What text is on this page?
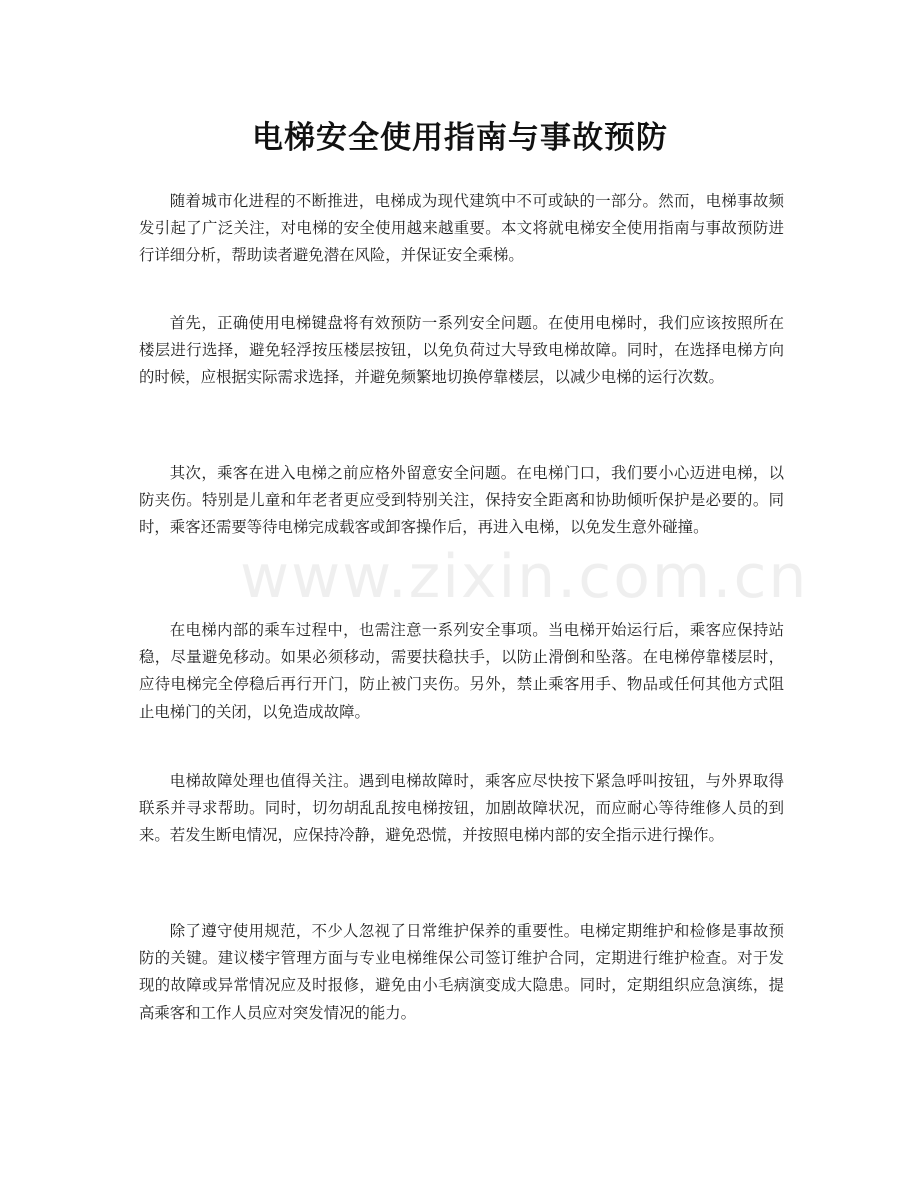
电梯安全使用指南与事故预防

随着城市化进程的不断推进，电梯成为现代建筑中不可或缺的一部分。然而，电梯事故频发引起了广泛关注，对电梯的安全使用越来越重要。本文将就电梯安全使用指南与事故预防进行详细分析，帮助读者避免潜在风险，并保证安全乘梯。

首先，正确使用电梯键盘将有效预防一系列安全问题。在使用电梯时，我们应该按照所在楼层进行选择，避免轻浮按压楼层按钮，以免负荷过大导致电梯故障。同时，在选择电梯方向的时候，应根据实际需求选择，并避免频繁地切换停靠楼层，以减少电梯的运行次数。

其次，乘客在进入电梯之前应格外留意安全问题。在电梯门口，我们要小心迈进电梯，以防夹伤。特别是儿童和年老者更应受到特别关注，保持安全距离和协助倾听保护是必要的。同时，乘客还需要等待电梯完成载客或卸客操作后，再进入电梯，以免发生意外碰撞。

在电梯内部的乘车过程中，也需注意一系列安全事项。当电梯开始运行后，乘客应保持站稳，尽量避免移动。如果必须移动，需要扶稳扶手，以防止滑倒和坠落。在电梯停靠楼层时，应待电梯完全停稳后再行开门，防止被门夹伤。另外，禁止乘客用手、物品或任何其他方式阻止电梯门的关闭，以免造成故障。

电梯故障处理也值得关注。遇到电梯故障时，乘客应尽快按下紧急呼叫按钮，与外界取得联系并寻求帮助。同时，切勿胡乱乱按电梯按钮，加剧故障状况，而应耐心等待维修人员的到来。若发生断电情况，应保持冷静，避免恐慌，并按照电梯内部的安全指示进行操作。

除了遵守使用规范，不少人忽视了日常维护保养的重要性。电梯定期维护和检修是事故预防的关键。建议楼宇管理方面与专业电梯维保公司签订维护合同，定期进行维护检查。对于发现的故障或异常情况应及时报修，避免由小毛病演变成大隐患。同时，定期组织应急演练，提高乘客和工作人员应对突发情况的能力。

www.zixin.com.cn
